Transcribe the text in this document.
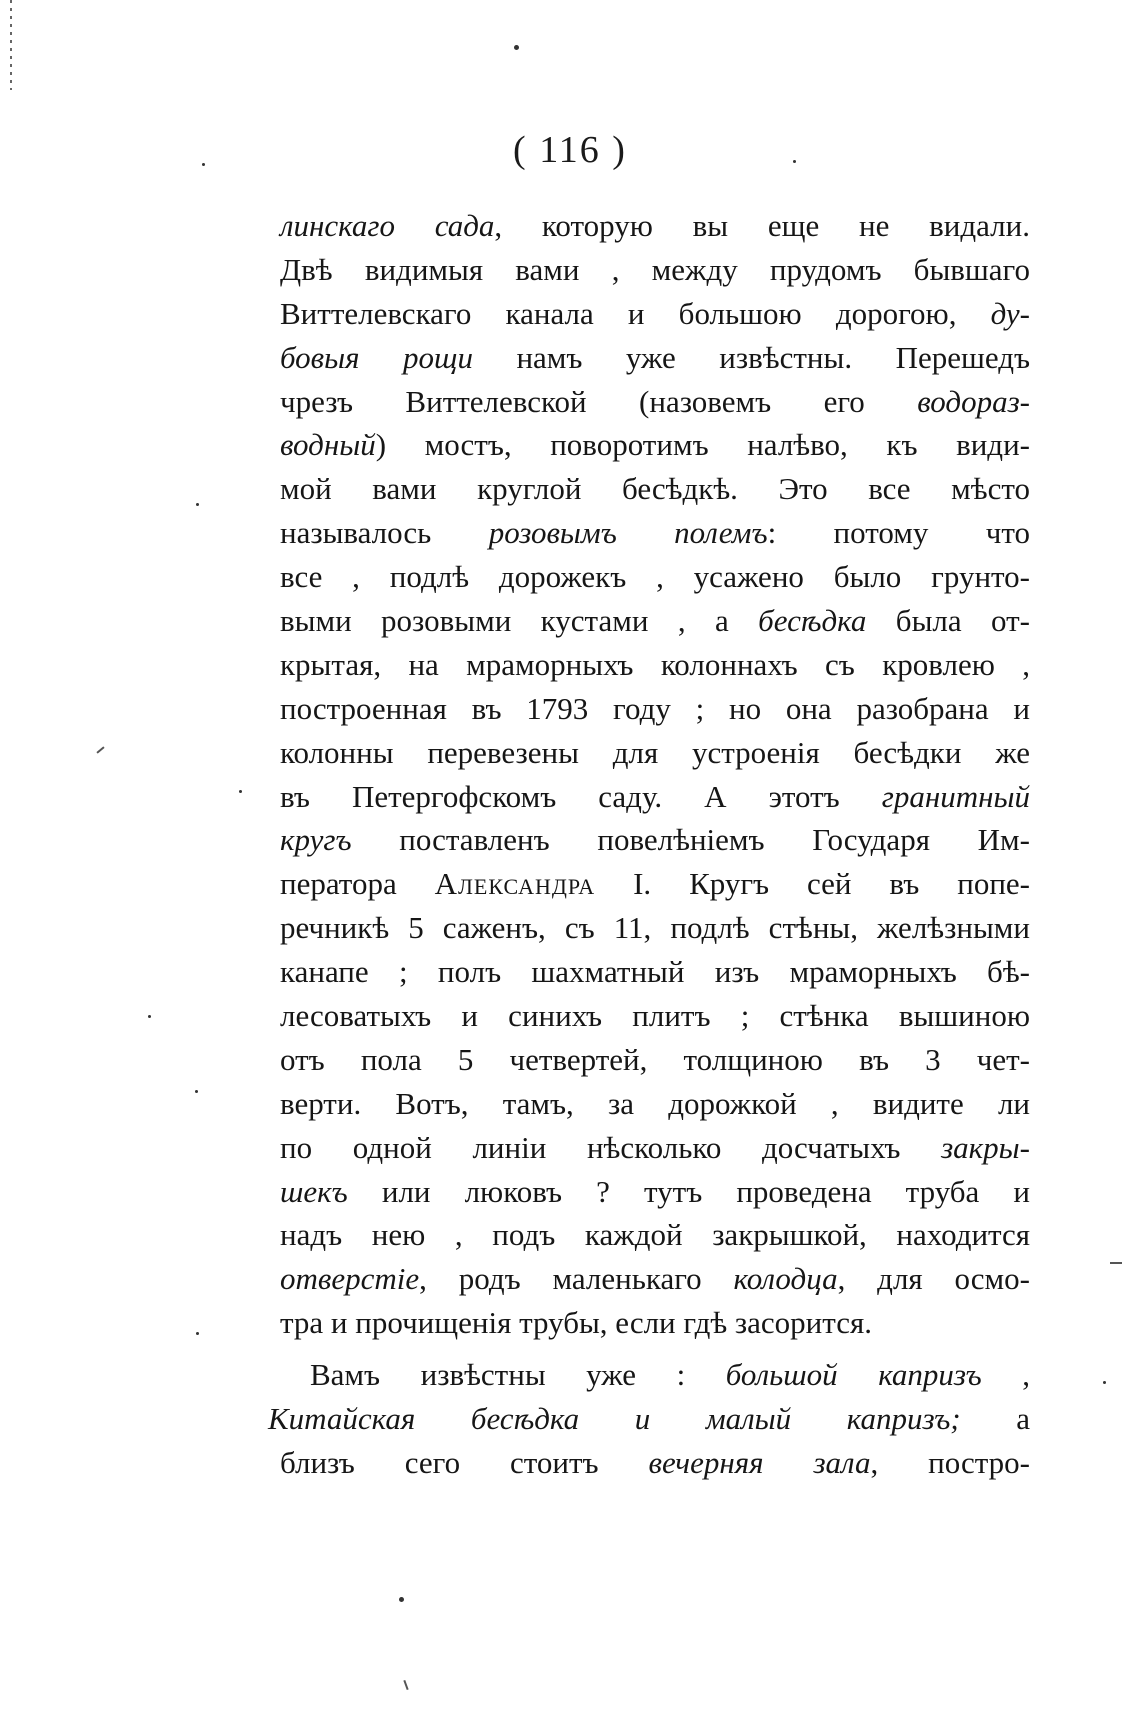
( 116 )
линскаго сада, которую вы еще не видали.
Двѣ видимыя вами , между прудомъ бывшаго
Виттелевскаго канала и большою дорогою, ду-
бовыя рощи намъ уже извѣстны. Перешедъ
чрезъ Виттелевской (назовемъ его водораз-
водный) мостъ, поворотимъ налѣво, къ види-
мой вами круглой бесѣдкѣ. Это все мѣсто
называлось розовымъ полемъ: потому что
все , подлѣ дорожекъ , усажено было грунто-
выми розовыми кустами , а бесѣдка была от-
крытая, на мраморныхъ колоннахъ съ кровлею ,
построенная въ 1793 году ; но она разобрана и
колонны перевезены для устроенія бесѣдки же
въ Петергофскомъ саду. А этотъ гранитный
кругъ поставленъ повелѣніемъ Государя Им-
ператора Александра I. Кругъ сей въ попе-
речникѣ 5 саженъ, съ 11, подлѣ стѣны, желѣзными
канапе ; полъ шахматный изъ мраморныхъ бѣ-
лесоватыхъ и синихъ плитъ ; стѣнка вышиною
отъ пола 5 четвертей, толщиною въ 3 чет-
верти. Вотъ, тамъ, за дорожкой , видите ли
по одной линіи нѣсколько досчатыхъ закры-
шекъ или люковъ ? тутъ проведена труба и
надъ нею , подъ каждой закрышкой, находится
отверстіе, родъ маленькаго колодца, для осмо-
тра и прочищенія трубы, если гдѣ засорится.
Вамъ извѣстны уже : большой капризъ ,
Китайская бесѣдка и малый капризъ; а
близъ сего стоитъ вечерняя зала, постро-
